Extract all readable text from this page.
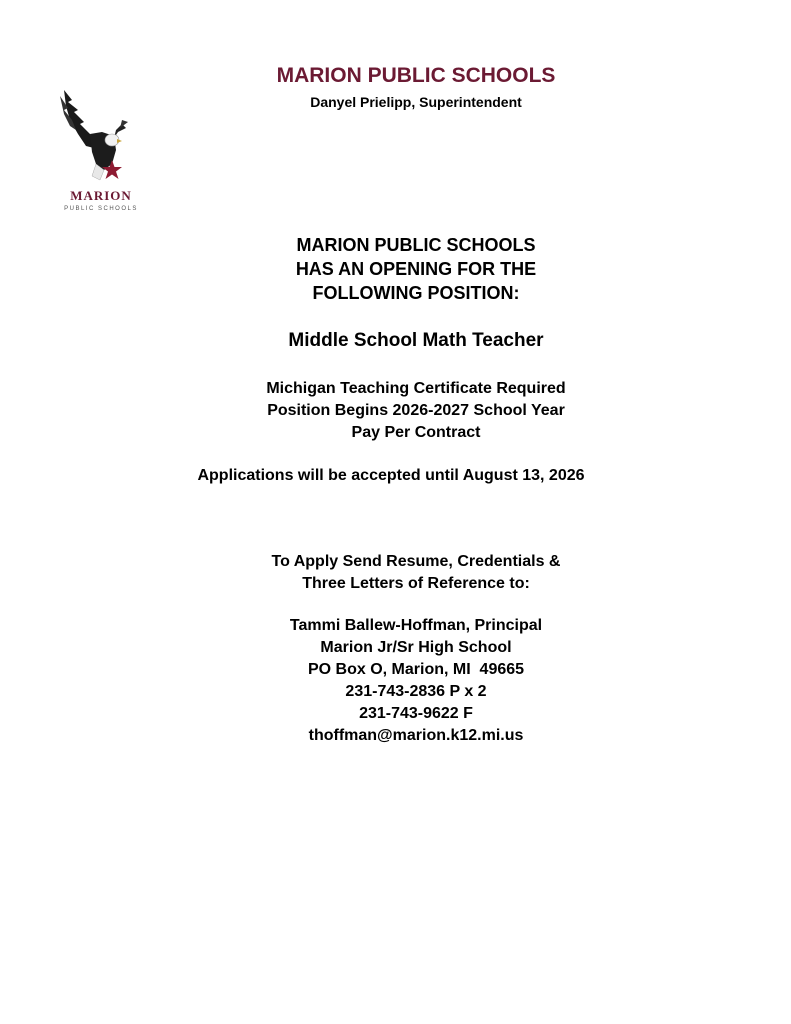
MARION
PUBLIC SCHOOLS
MARION PUBLIC SCHOOLS
Danyel Prielipp, Superintendent
MARION PUBLIC SCHOOLS
HAS AN OPENING FOR THE
FOLLOWING POSITION:
Middle School Math Teacher
Michigan Teaching Certificate Required
Position Begins 2026-2027 School Year
Pay Per Contract
Applications will be accepted until August 13, 2026
To Apply Send Resume, Credentials &
Three Letters of Reference to:
Tammi Ballew-Hoffman, Principal
Marion Jr/Sr High School
PO Box O, Marion, MI  49665
231-743-2836 P x 2
231-743-9622 F
thoffman@marion.k12.mi.us
